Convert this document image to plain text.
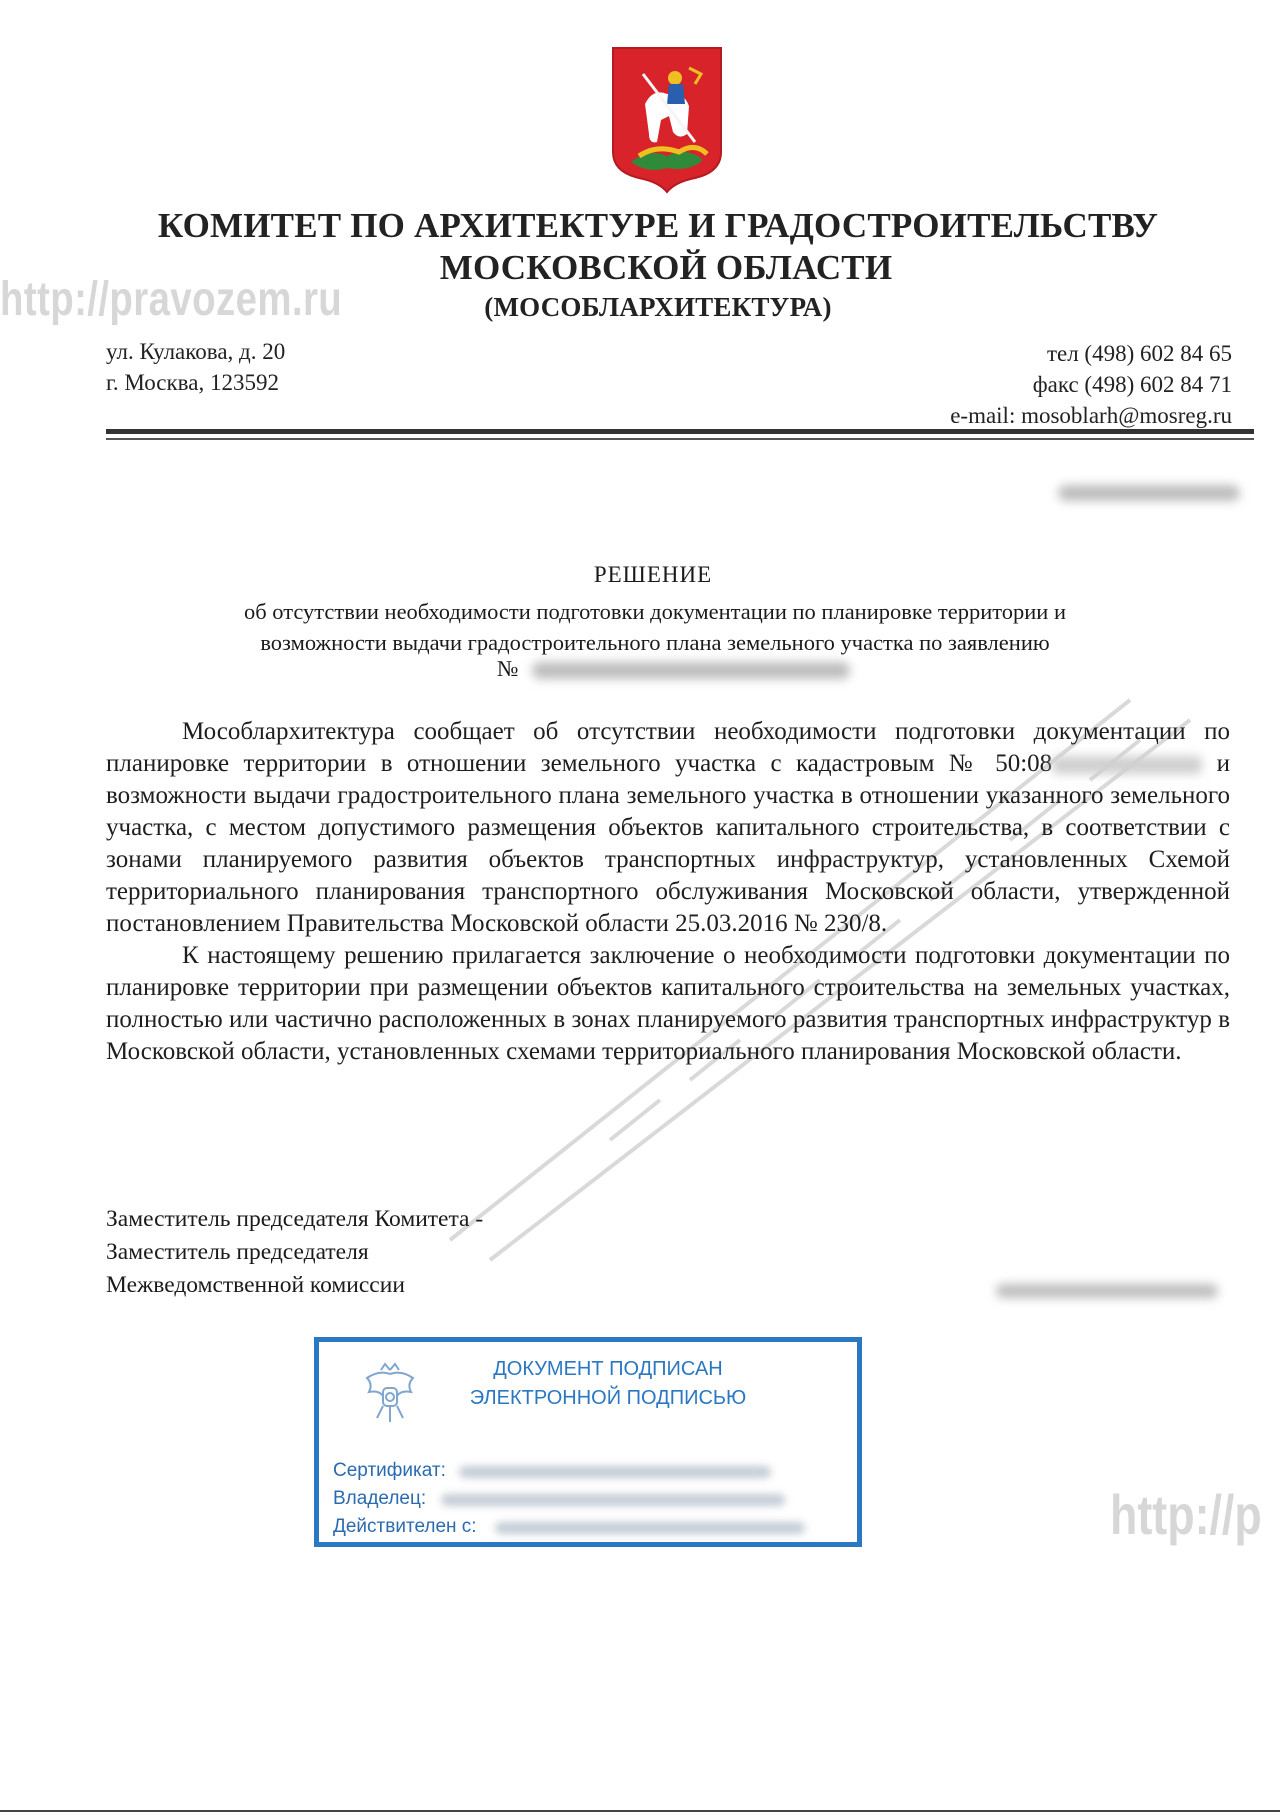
КОМИТЕТ ПО АРХИТЕКТУРЕ И ГРАДОСТРОИТЕЛЬСТВУ
МОСКОВСКОЙ ОБЛАСТИ
(МОСОБЛАРХИТЕКТУРА)
http://pravozem.ru
ул. Кулакова, д. 20
г. Москва, 123592
тел (498) 602 84 65
факс (498) 602 84 71
e-mail: mosoblarh@mosreg.ru
РЕШЕНИЕ
об отсутствии необходимости подготовки документации по планировке территории и
возможности выдачи градостроительного плана земельного участка по заявлению
№

Мособлархитектура сообщает об отсутствии необходимости подготовки документации по планировке территории в отношении земельного участка с кадастровым № 50:08	и возможности выдачи градостроительного плана земельного участка в отношении указанного земельного участка, с местом допустимого размещения объектов капитального строительства, в соответствии с зонами планируемого развития объектов транспортных инфраструктур, установленных Схемой территориального планирования транспортного обслуживания Московской области, утвержденной постановлением Правительства Московской области 25.03.2016 № 230/8.

К настоящему решению прилагается заключение о необходимости подготовки документации по планировке территории при размещении объектов капитального строительства на земельных участках, полностью или частично расположенных в зонах планируемого развития транспортных инфраструктур в Московской области, установленных схемами территориального планирования Московской области.

Заместитель председателя Комитета -
Заместитель председателя
Межведомственной комиссии
ДОКУМЕНТ ПОДПИСАН
ЭЛЕКТРОННОЙ ПОДПИСЬЮ
Сертификат:
Владелец:
Действителен с:	http://p
